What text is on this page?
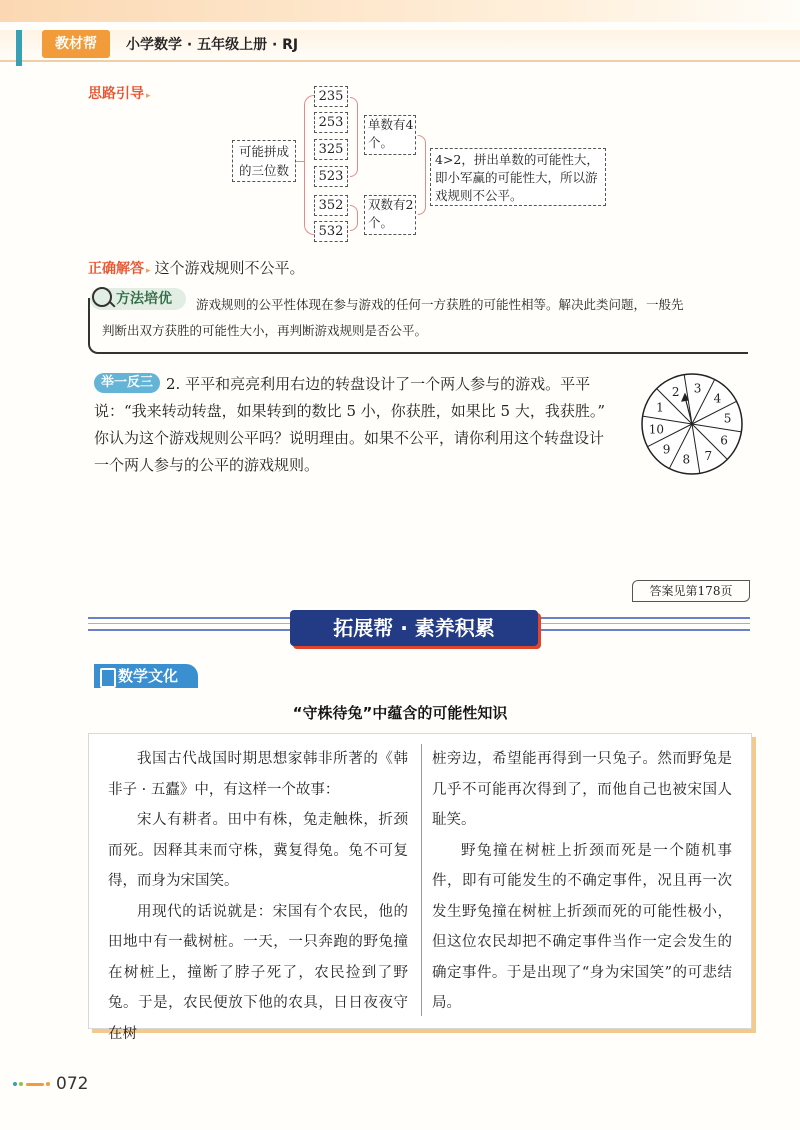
教材帮	小学数学 · 五年级上册 · RJ
思路引导 ▸
可能拼成的三位数
235
253
325
523
352
532
单数有4个。
双数有2个。
4>2，拼出单数的可能性大，即小军赢的可能性大，所以游戏规则不公平。
正确解答 ▸ 这个游戏规则不公平。
方法培优	游戏规则的公平性体现在参与游戏的任何一方获胜的可能性相等。解决此类问题，一般先
判断出双方获胜的可能性大小，再判断游戏规则是否公平。
举一反三 2. 平平和亮亮利用右边的转盘设计了一个两人参与的游戏。平平
说：“我来转动转盘，如果转到的数比 5 小，你获胜，如果比 5 大，我获胜。”
你认为这个游戏规则公平吗？说明理由。如果不公平，请你利用这个转盘设计
一个两人参与的公平的游戏规则。
3
4
5
6
7
8
9
10
1
2
答案见第178页
拓展帮 · 素养积累
数学文化
“守株待兔”中蕴含的可能性知识

我国古代战国时期思想家韩非所著的《韩非子 · 五蠹》中，有这样一个故事：

宋人有耕者。田中有株，兔走触株，折颈而死。因释其耒而守株，冀复得兔。兔不可复得，而身为宋国笑。

用现代的话说就是：宋国有个农民，他的田地中有一截树桩。一天，一只奔跑的野兔撞在树桩上，撞断了脖子死了，农民捡到了野兔。于是，农民便放下他的农具，日日夜夜守在树

桩旁边，希望能再得到一只兔子。然而野兔是几乎不可能再次得到了，而他自己也被宋国人耻笑。

野兔撞在树桩上折颈而死是一个随机事件，即有可能发生的不确定事件，况且再一次发生野兔撞在树桩上折颈而死的可能性极小，但这位农民却把不确定事件当作一定会发生的确定事件。于是出现了“身为宋国笑”的可悲结局。

072
